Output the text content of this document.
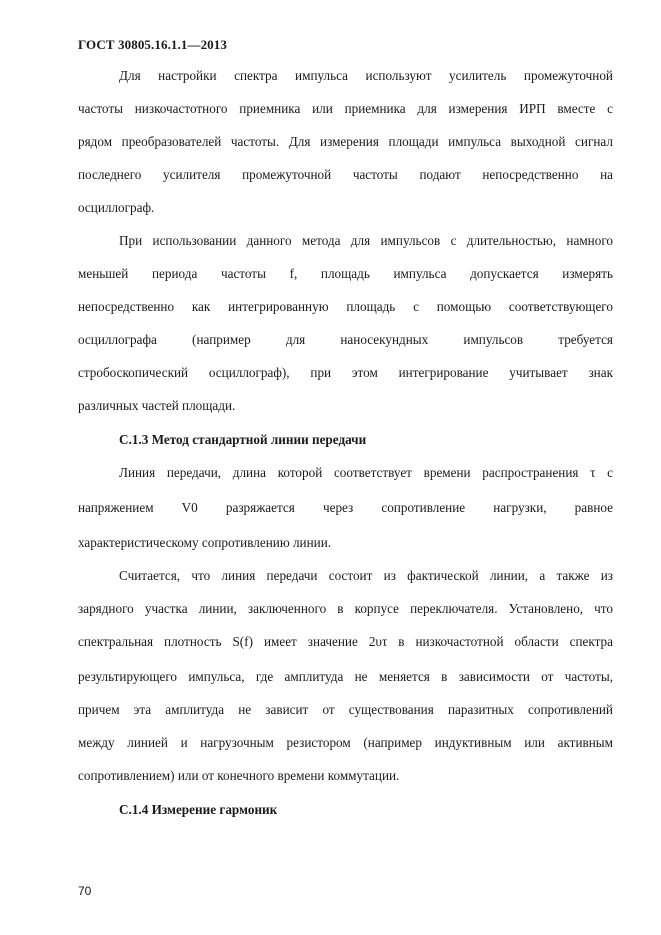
ГОСТ 30805.16.1.1—2013
Для настройки спектра импульса используют усилитель промежуточной
частоты низкочастотного приемника или приемника для измерения ИРП вместе с
рядом преобразователей частоты. Для измерения площади импульса выходной сигнал
последнего усилителя промежуточной частоты подают непосредственно на
осциллограф.
При использовании данного метода для импульсов с длительностью, намного
меньшей периода частоты f, площадь импульса допускается измерять
непосредственно как интегрированную площадь с помощью соответствующего
осциллографа (например для наносекундных импульсов требуется
стробоскопический осциллограф), при этом интегрирование учитывает знак
различных частей площади.
С.1.3 Метод стандартной линии передачи
Линия передачи, длина которой соответствует времени распространения τ с
напряжением V0 разряжается через сопротивление нагрузки, равное
характеристическому сопротивлению линии.
Считается, что линия передачи состоит из фактической линии, а также из
зарядного участка линии, заключенного в корпусе переключателя. Установлено, что
спектральная плотность S(f) имеет значение 2υτ в низкочастотной области спектра
результирующего импульса, где амплитуда не меняется в зависимости от частоты,
причем эта амплитуда не зависит от существования паразитных сопротивлений
между линией и нагрузочным резистором (например индуктивным или активным
сопротивлением) или от конечного времени коммутации.
С.1.4 Измерение гармоник
70
